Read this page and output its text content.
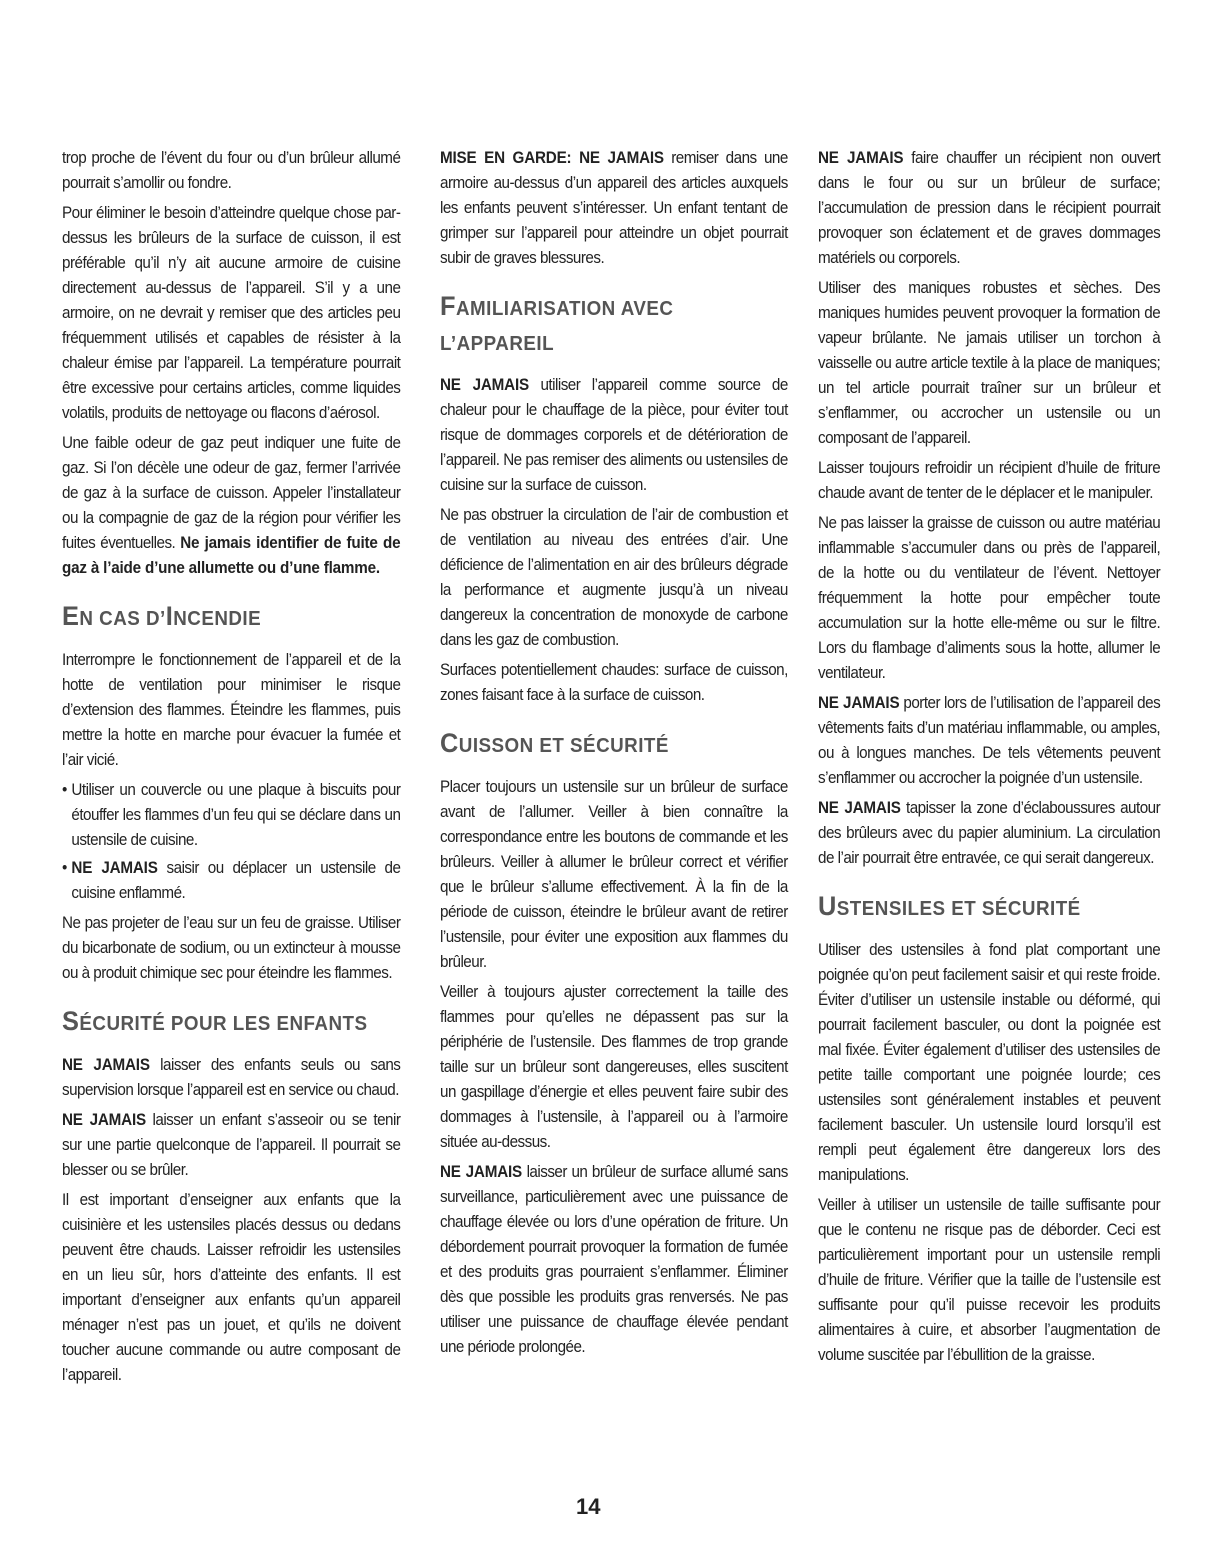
trop proche de l’évent du four ou d’un brûleur allumé pourrait s’amollir ou fondre.

Pour éliminer le besoin d’atteindre quelque chose par-dessus les brûleurs de la surface de cuisson, il est préférable qu’il n’y ait aucune armoire de cuisine directement au-dessus de l’appareil. S’il y a une armoire, on ne devrait y remiser que des articles peu fréquemment utilisés et capables de résister à la chaleur émise par l’appareil. La température pourrait être excessive pour certains articles, comme liquides volatils, produits de nettoyage ou flacons d’aérosol.

Une faible odeur de gaz peut indiquer une fuite de gaz. Si l’on décèle une odeur de gaz, fermer l’arrivée de gaz à la surface de cuisson. Appeler l’installateur ou la compagnie de gaz de la région pour vérifier les fuites éventuelles. Ne jamais identifier de fuite de gaz à l’aide d’une allumette ou d’une flamme.

EN CAS D’INCENDIE

Interrompre le fonctionnement de l’appareil et de la hotte de ventilation pour minimiser le risque d’extension des flammes. Éteindre les flammes, puis mettre la hotte en marche pour évacuer la fumée et l’air vicié.

• Utiliser un couvercle ou une plaque à biscuits pour étouffer les flammes d’un feu qui se déclare dans un ustensile de cuisine.
• NE JAMAIS saisir ou déplacer un ustensile de cuisine enflammé.

Ne pas projeter de l’eau sur un feu de graisse. Utiliser du bicarbonate de sodium, ou un extincteur à mousse ou à produit chimique sec pour éteindre les flammes.

SÉCURITÉ POUR LES ENFANTS

NE JAMAIS laisser des enfants seuls ou sans supervision lorsque l’appareil est en service ou chaud.

NE JAMAIS laisser un enfant s’asseoir ou se tenir sur une partie quelconque de l’appareil. Il pourrait se blesser ou se brûler.

Il est important d’enseigner aux enfants que la cuisinière et les ustensiles placés dessus ou dedans peuvent être chauds. Laisser refroidir les ustensiles en un lieu sûr, hors d’atteinte des enfants. Il est important d’enseigner aux enfants qu’un appareil ménager n’est pas un jouet, et qu’ils ne doivent toucher aucune commande ou autre composant de l’appareil.

MISE EN GARDE: NE JAMAIS remiser dans une armoire au-dessus d’un appareil des articles auxquels les enfants peuvent s’intéresser. Un enfant tentant de grimper sur l’appareil pour atteindre un objet pourrait subir de graves blessures.

FAMILIARISATION AVEC
L’APPAREIL

NE JAMAIS utiliser l’appareil comme source de chaleur pour le chauffage de la pièce, pour éviter tout risque de dommages corporels et de détérioration de l’appareil. Ne pas remiser des aliments ou ustensiles de cuisine sur la surface de cuisson.

Ne pas obstruer la circulation de l’air de combustion et de ventilation au niveau des entrées d’air. Une déficience de l’alimentation en air des brûleurs dégrade la performance et augmente jusqu’à un niveau dangereux la concentration de monoxyde de carbone dans les gaz de combustion.

Surfaces potentiellement chaudes: surface de cuisson, zones faisant face à la surface de cuisson.

CUISSON ET SÉCURITÉ

Placer toujours un ustensile sur un brûleur de surface avant de l’allumer. Veiller à bien connaître la correspondance entre les boutons de commande et les brûleurs. Veiller à allumer le brûleur correct et vérifier que le brûleur s’allume effectivement. À la fin de la période de cuisson, éteindre le brûleur avant de retirer l’ustensile, pour éviter une exposition aux flammes du brûleur.

Veiller à toujours ajuster correctement la taille des flammes pour qu’elles ne dépassent pas sur la périphérie de l’ustensile. Des flammes de trop grande taille sur un brûleur sont dangereuses, elles suscitent un gaspillage d’énergie et elles peuvent faire subir des dommages à l’ustensile, à l’appareil ou à l’armoire située au-dessus.

NE JAMAIS laisser un brûleur de surface allumé sans surveillance, particulièrement avec une puissance de chauffage élevée ou lors d’une opération de friture. Un débordement pourrait provoquer la formation de fumée et des produits gras pourraient s’enflammer. Éliminer dès que possible les produits gras renversés. Ne pas utiliser une puissance de chauffage élevée pendant une période prolongée.

NE JAMAIS faire chauffer un récipient non ouvert dans le four ou sur un brûleur de surface; l’accumulation de pression dans le récipient pourrait provoquer son éclatement et de graves dommages matériels ou corporels.

Utiliser des maniques robustes et sèches. Des maniques humides peuvent provoquer la formation de vapeur brûlante. Ne jamais utiliser un torchon à vaisselle ou autre article textile à la place de maniques; un tel article pourrait traîner sur un brûleur et s’enflammer, ou accrocher un ustensile ou un composant de l’appareil.

Laisser toujours refroidir un récipient d’huile de friture chaude avant de tenter de le déplacer et le manipuler.

Ne pas laisser la graisse de cuisson ou autre matériau inflammable s’accumuler dans ou près de l’appareil, de la hotte ou du ventilateur de l’évent. Nettoyer fréquemment la hotte pour empêcher toute accumulation sur la hotte elle-même ou sur le filtre. Lors du flambage d’aliments sous la hotte, allumer le ventilateur.

NE JAMAIS porter lors de l’utilisation de l’appareil des vêtements faits d’un matériau inflammable, ou amples, ou à longues manches. De tels vêtements peuvent s’enflammer ou accrocher la poignée d’un ustensile.

NE JAMAIS tapisser la zone d’éclaboussures autour des brûleurs avec du papier aluminium. La circulation de l’air pourrait être entravée, ce qui serait dangereux.

USTENSILES ET SÉCURITÉ

Utiliser des ustensiles à fond plat comportant une poignée qu’on peut facilement saisir et qui reste froide. Éviter d’utiliser un ustensile instable ou déformé, qui pourrait facilement basculer, ou dont la poignée est mal fixée. Éviter également d’utiliser des ustensiles de petite taille comportant une poignée lourde; ces ustensiles sont généralement instables et peuvent facilement basculer. Un ustensile lourd lorsqu’il est rempli peut également être dangereux lors des manipulations.

Veiller à utiliser un ustensile de taille suffisante pour que le contenu ne risque pas de déborder. Ceci est particulièrement important pour un ustensile rempli d’huile de friture. Vérifier que la taille de l’ustensile est suffisante pour qu’il puisse recevoir les produits alimentaires à cuire, et absorber l’augmentation de volume suscitée par l’ébullition de la graisse.

14
